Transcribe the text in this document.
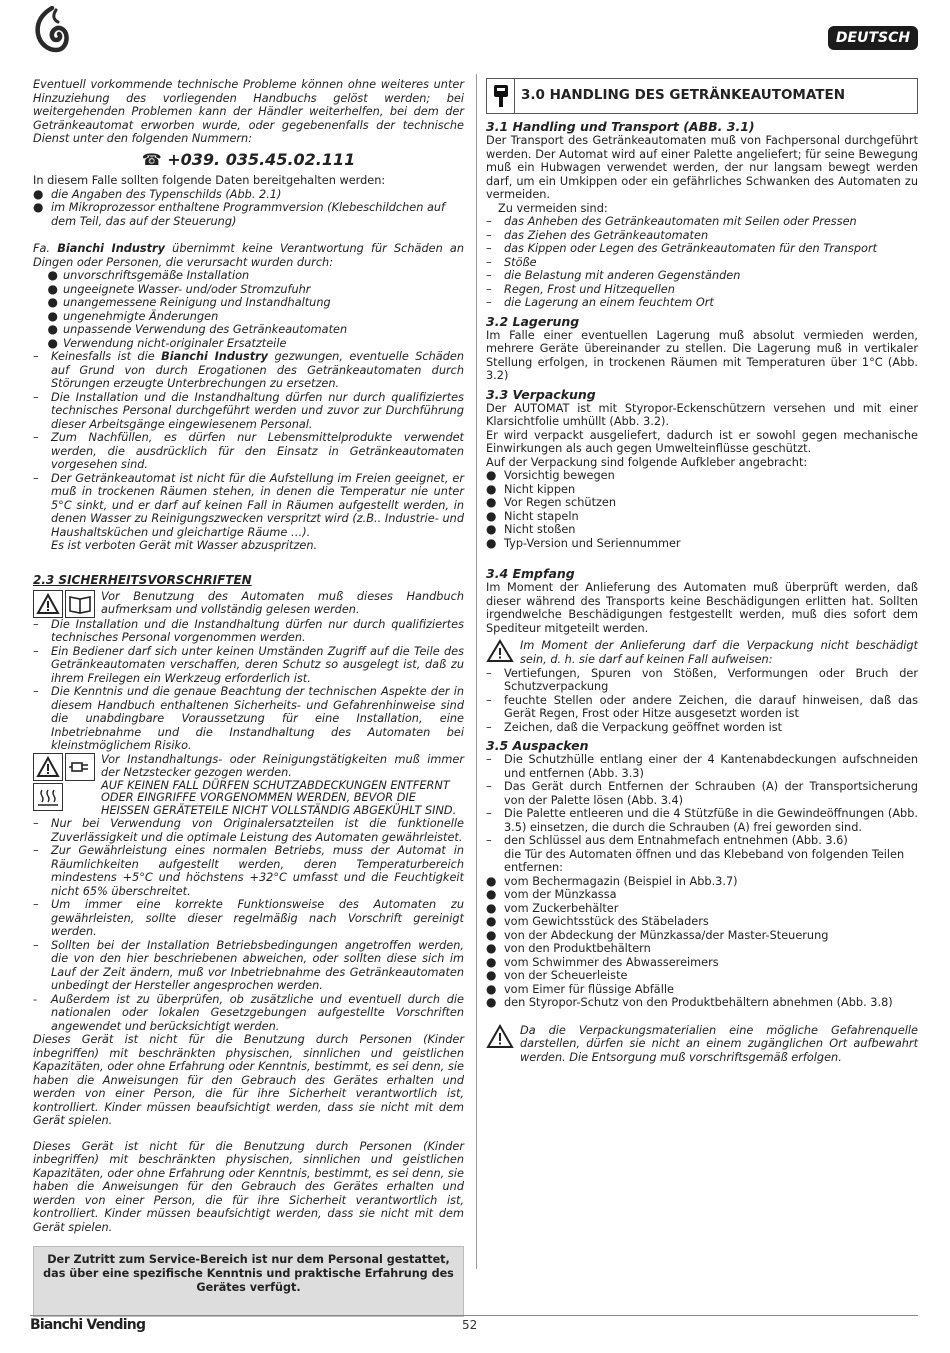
DEUTSCH

Eventuell vorkommende technische Probleme können ohne weiteres unter Hinzuziehung des vorliegenden Handbuchs gelöst werden; bei weitergehenden Problemen kann der Händler weiterhelfen, bei dem der Getränkeautomat erworben wurde, oder gegebenenfalls der technische Dienst unter den folgenden Nummern:

☎ +039. 035.45.02.111

In diesem Falle sollten folgende Daten bereitgehalten werden:

● die Angaben des Typenschilds (Abb. 2.1)
● im Mikroprozessor enthaltene Programmversion (Klebeschildchen auf dem Teil, das auf der Steuerung)

Fa. Bianchi Industry übernimmt keine Verantwortung für Schäden an Dingen oder Personen, die verursacht wurden durch:

● unvorschriftsgemäße Installation
● ungeeignete Wasser- und/oder Stromzufuhr
● unangemessene Reinigung und Instandhaltung
● ungenehmigte Änderungen
● unpassende Verwendung des Getränkeautomaten
● Verwendung nicht-originaler Ersatzteile
–	Keinesfalls ist die Bianchi Industry gezwungen, eventuelle Schäden auf Grund von durch Erogationen des Getränkeautomaten durch Störungen erzeugte Unterbrechungen zu ersetzen.
–	Die Installation und die Instandhaltung dürfen nur durch qualifiziertes technisches Personal durchgeführt werden und zuvor zur Durchführung dieser Arbeitsgänge eingewiesenem Personal.
–	Zum Nachfüllen, es dürfen nur Lebensmittelprodukte verwendet werden, die ausdrücklich für den Einsatz in Getränkeautomaten vorgesehen sind.
–	Der Getränkeautomat ist nicht für die Aufstellung im Freien geeignet, er muß in trockenen Räumen stehen, in denen die Temperatur nie unter 5°C sinkt, und er darf auf keinen Fall in Räumen aufgestellt werden, in denen Wasser zu Reinigungszwecken verspritzt wird (z.B.. Industrie- und Haushaltsküchen und gleichartige Räume …).
Es ist verboten Gerät mit Wasser abzuspritzen.
2.3 SICHERHEITSVORSCHRIFTEN

Vor Benutzung des Automaten muß dieses Handbuch aufmerksam und vollständig gelesen werden.

–	Die Installation und die Instandhaltung dürfen nur durch qualifiziertes technisches Personal vorgenommen werden.
–	Ein Bediener darf sich unter keinen Umständen Zugriff auf die Teile des Getränkeautomaten verschaffen, deren Schutz so ausgelegt ist, daß zu ihrem Freilegen ein Werkzeug erforderlich ist.
–	Die Kenntnis und die genaue Beachtung der technischen Aspekte der in diesem Handbuch enthaltenen Sicherheits- und Gefahrenhinweise sind die unabdingbare Voraussetzung für eine Installation, eine Inbetriebnahme und die Instandhaltung des Automaten bei kleinstmöglichem Risiko.

Vor Instandhaltungs- oder Reinigungstätigkeiten muß immer der Netzstecker gezogen werden.

AUF KEINEN FALL DÜRFEN SCHUTZABDECKUNGEN ENTFERNT ODER EINGRIFFE VORGENOMMEN WERDEN, BEVOR DIE HEISSEN GERÄTETEILE NICHT VOLLSTÄNDIG ABGEKÜHLT SIND.

–	Nur bei Verwendung von Originalersatzteilen ist die funktionelle Zuverlässigkeit und die optimale Leistung des Automaten gewährleistet.
–	Zur Gewährleistung eines normalen Betriebs, muss der Automat in Räumlichkeiten aufgestellt werden, deren Temperaturbereich mindestens +5°C und höchstens +32°C umfasst und die Feuchtigkeit nicht 65% überschreitet.
–	Um immer eine korrekte Funktionsweise des Automaten zu gewährleisten, sollte dieser regelmäßig nach Vorschrift gereinigt werden.
–	Sollten bei der Installation Betriebsbedingungen angetroffen werden, die von den hier beschriebenen abweichen, oder sollten diese sich im Lauf der Zeit ändern, muß vor Inbetriebnahme des Getränkeautomaten unbedingt der Hersteller angesprochen werden.
-	Außerdem ist zu überprüfen, ob zusätzliche und eventuell durch die nationalen oder lokalen Gesetzgebungen aufgestellte Vorschriften angewendet und berücksichtigt werden.

Dieses Gerät ist nicht für die Benutzung durch Personen (Kinder inbegriffen) mit beschränkten physischen, sinnlichen und geistlichen Kapazitäten, oder ohne Erfahrung oder Kenntnis, bestimmt, es sei denn, sie haben die Anweisungen für den Gebrauch des Gerätes erhalten und werden von einer Person, die für ihre Sicherheit verantwortlich ist, kontrolliert. Kinder müssen beaufsichtigt werden, dass sie nicht mit dem Gerät spielen.

Dieses Gerät ist nicht für die Benutzung durch Personen (Kinder inbegriffen) mit beschränkten physischen, sinnlichen und geistlichen Kapazitäten, oder ohne Erfahrung oder Kenntnis, bestimmt, es sei denn, sie haben die Anweisungen für den Gebrauch des Gerätes erhalten und werden von einer Person, die für ihre Sicherheit verantwortlich ist, kontrolliert. Kinder müssen beaufsichtigt werden, dass sie nicht mit dem Gerät spielen.

Der Zutritt zum Service-Bereich ist nur dem Personal gestattet, das über eine spezifische Kenntnis und praktische Erfahrung des Gerätes verfügt.
3.0 HANDLING DES GETRÄNKEAUTOMATEN
3.1 Handling und Transport (ABB. 3.1)

Der Transport des Getränkeautomaten muß von Fachpersonal durchgeführt werden. Der Automat wird auf einer Palette angeliefert; für seine Bewegung muß ein Hubwagen verwendet werden, der nur langsam bewegt werden darf, um ein Umkippen oder ein gefährliches Schwanken des Automaten zu vermeiden.

Zu vermeiden sind:

–	das Anheben des Getränkeautomaten mit Seilen oder Pressen
–	das Ziehen des Getränkeautomaten
–	das Kippen oder Legen des Getränkeautomaten für den Transport
–	Stöße
–	die Belastung mit anderen Gegenständen
–	Regen, Frost und Hitzequellen
–	die Lagerung an einem feuchtem Ort
3.2 Lagerung

Im Falle einer eventuellen Lagerung muß absolut vermieden werden, mehrere Geräte übereinander zu stellen. Die Lagerung muß in vertikaler Stellung erfolgen, in trockenen Räumen mit Temperaturen über 1°C (Abb. 3.2)

3.3 Verpackung

Der AUTOMAT ist mit Styropor-Eckenschützern versehen und mit einer Klarsichtfolie umhüllt (Abb. 3.2).

Er wird verpackt ausgeliefert, dadurch ist er sowohl gegen mechanische Einwirkungen als auch gegen Umwelteinflüsse geschützt.

Auf der Verpackung sind folgende Aufkleber angebracht:

● Vorsichtig bewegen
● Nicht kippen
● Vor Regen schützen
● Nicht stapeln
● Nicht stoßen
● Typ-Version und Seriennummer
3.4 Empfang

Im Moment der Anlieferung des Automaten muß überprüft werden, daß dieser während des Transports keine Beschädigungen erlitten hat. Sollten irgendwelche Beschädigungen festgestellt werden, muß dies sofort dem Spediteur mitgeteilt werden.

Im Moment der Anlieferung darf die Verpackung nicht beschädigt sein, d. h. sie darf auf keinen Fall aufweisen:

–	Vertiefungen, Spuren von Stößen, Verformungen oder Bruch der Schutzverpackung
–	feuchte Stellen oder andere Zeichen, die darauf hinweisen, daß das Gerät Regen, Frost oder Hitze ausgesetzt worden ist
–	Zeichen, daß die Verpackung geöffnet worden ist
3.5 Auspacken
–	Die Schutzhülle entlang einer der 4 Kantenabdeckungen aufschneiden und entfernen (Abb. 3.3)
–	Das Gerät durch Entfernen der Schrauben (A) der Transportsicherung von der Palette lösen (Abb. 3.4)
–	Die Palette entleeren und die 4 Stützfüße in die Gewindeöffnungen (Abb. 3.5) einsetzen, die durch die Schrauben (A) frei geworden sind.
–	den Schlüssel aus dem Entnahmefach entnehmen (Abb. 3.6)

die Tür des Automaten öffnen und das Klebeband von folgenden Teilen entfernen:

● vom Bechermagazin (Beispiel in Abb.3.7)
● vom der Münzkassa
● vom Zuckerbehälter
● vom Gewichtsstück des Stäbeladers
● von der Abdeckung der Münzkassa/der Master-Steuerung
● von den Produktbehältern
● vom Schwimmer des Abwassereimers
● von der Scheuerleiste
● vom Eimer für flüssige Abfälle
● den Styropor-Schutz von den Produktbehältern abnehmen (Abb. 3.8)

Da die Verpackungsmaterialien eine mögliche Gefahrenquelle darstellen, dürfen sie nicht an einem zugänglichen Ort aufbewahrt werden. Die Entsorgung muß vorschriftsgemäß erfolgen.

Bianchi Vending	52
